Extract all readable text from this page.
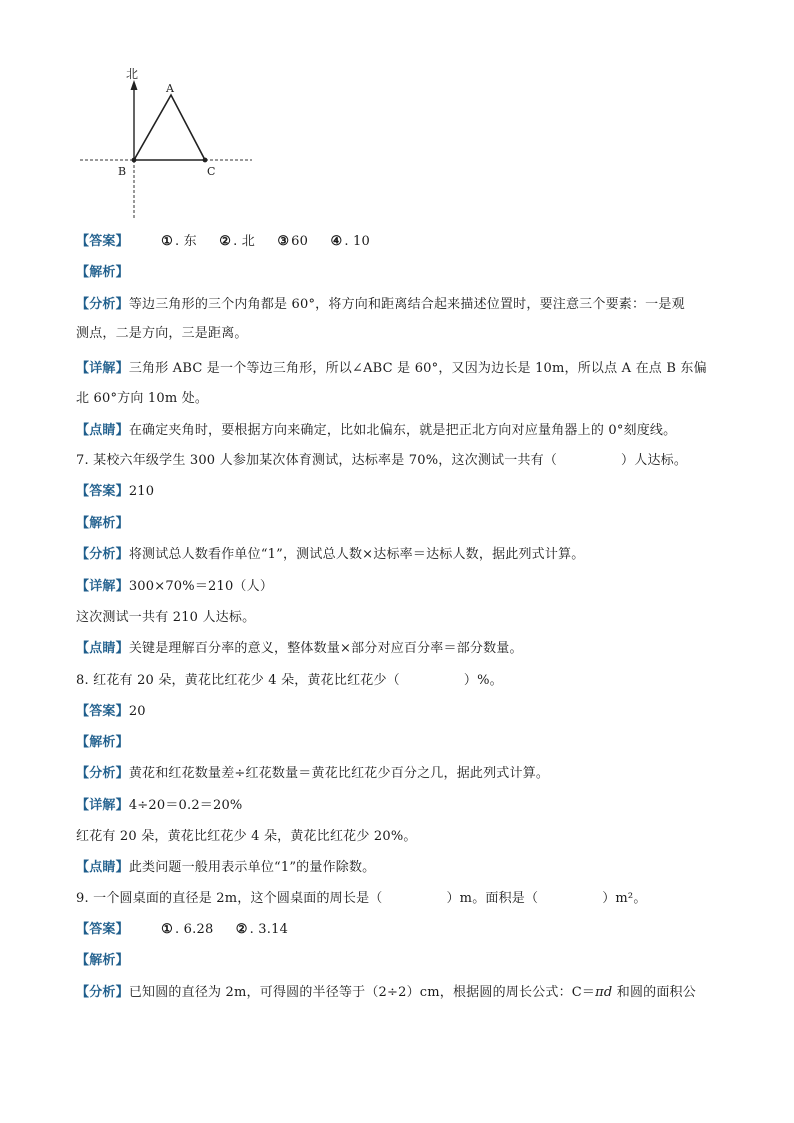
北
A
B	C
【答案】 ① . 东 ② . 北 ③ 60 ④ . 10
【解析】
【分析】等边三角形的三个内角都是 60°，将方向和距离结合起来描述位置时，要注意三个要素：一是观
测点，二是方向，三是距离。
【详解】三角形 ABC 是一个等边三角形，所以∠ABC 是 60°，又因为边长是 10m，所以点 A 在点 B 东偏
北 60°方向 10m 处。
【点睛】在确定夹角时，要根据方向来确定，比如北偏东，就是把正北方向对应量角器上的 0°刻度线。
7. 某校六年级学生 300 人参加某次体育测试，达标率是 70%，这次测试一共有（	）人达标。
【答案】210
【解析】
【分析】将测试总人数看作单位“1”，测试总人数×达标率＝达标人数，据此列式计算。
【详解】300×70%＝210（人）
这次测试一共有 210 人达标。
【点睛】关键是理解百分率的意义，整体数量×部分对应百分率＝部分数量。
8. 红花有 20 朵，黄花比红花少 4 朵，黄花比红花少（	）%。
【答案】20
【解析】
【分析】黄花和红花数量差÷红花数量＝黄花比红花少百分之几，据此列式计算。
【详解】4÷20＝0.2＝20%
红花有 20 朵，黄花比红花少 4 朵，黄花比红花少 20%。
【点睛】此类问题一般用表示单位“1”的量作除数。
9. 一个圆桌面的直径是 2m，这个圆桌面的周长是（	）m。面积是（	）m²。
【答案】 ① . 6.28 ② . 3.14
【解析】
【分析】已知圆的直径为 2m，可得圆的半径等于（2÷2）cm，根据圆的周长公式：C＝πd 和圆的面积公
